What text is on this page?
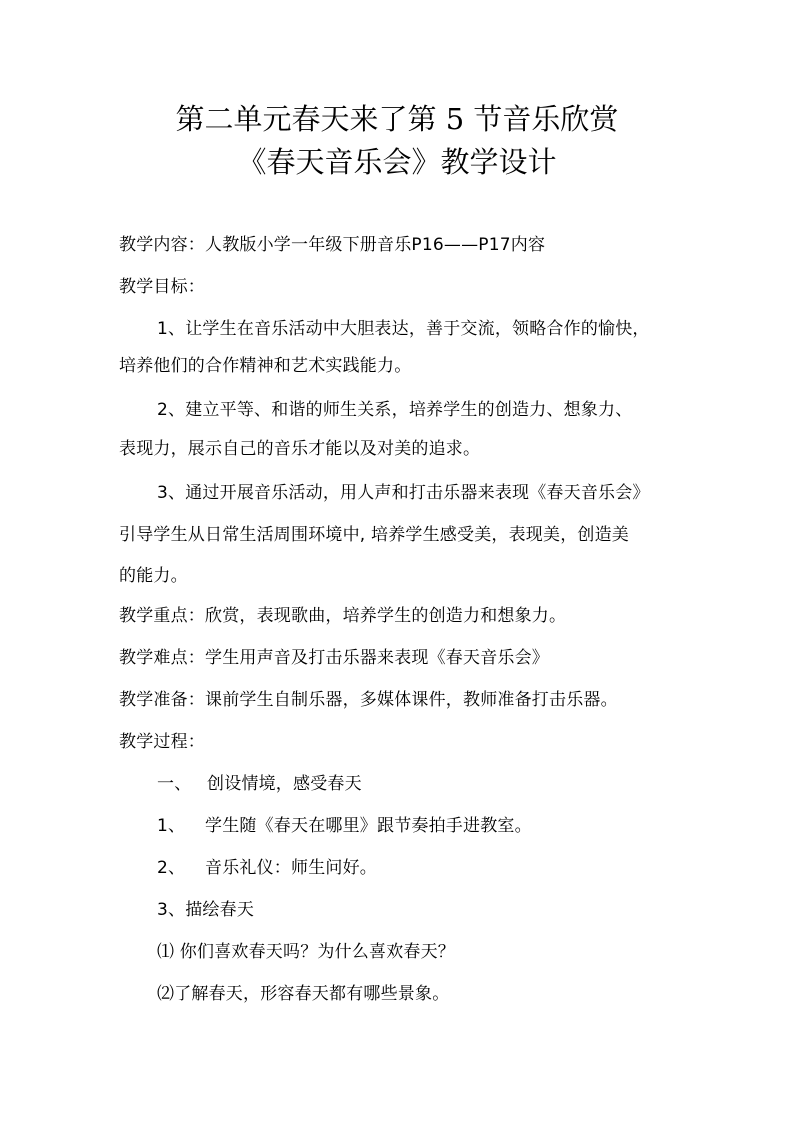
第二单元春天来了第 5 节音乐欣赏
《春天音乐会》教学设计
教学内容：人教版小学一年级下册音乐P16——P17内容
教学目标：
1、让学生在音乐活动中大胆表达，善于交流，领略合作的愉快，
培养他们的合作精神和艺术实践能力。
2、建立平等、和谐的师生关系，培养学生的创造力、想象力、
表现力，展示自己的音乐才能以及对美的追求。
3、通过开展音乐活动，用人声和打击乐器来表现《春天音乐会》
引导学生从日常生活周围环境中, 培养学生感受美，表现美，创造美
的能力。
教学重点：欣赏，表现歌曲，培养学生的创造力和想象力。
教学难点：学生用声音及打击乐器来表现《春天音乐会》
教学准备：课前学生自制乐器，多媒体课件，教师准备打击乐器。
教学过程：
一、 创设情境，感受春天
1、 学生随《春天在哪里》跟节奏拍手进教室。
2、 音乐礼仪：师生问好。
3、描绘春天
⑴ 你们喜欢春天吗？为什么喜欢春天？
⑵了解春天，形容春天都有哪些景象。
